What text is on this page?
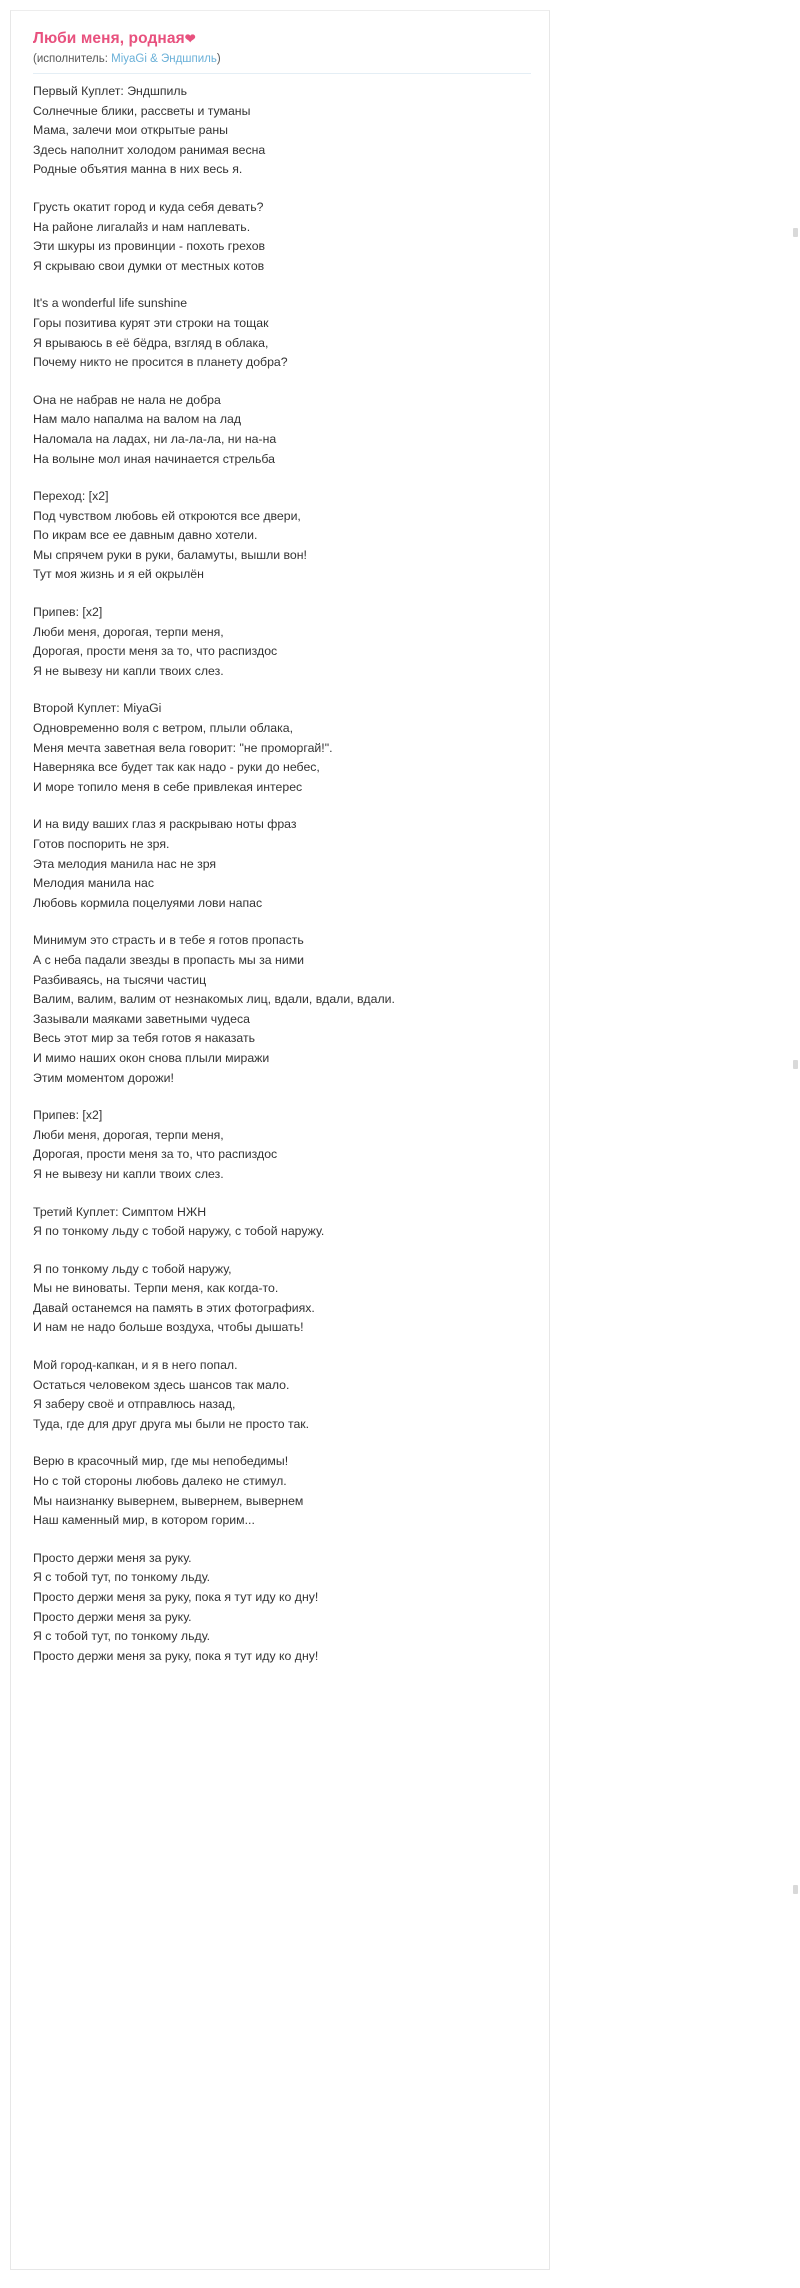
Люби меня, родная❤
(исполнитель: MiyaGi & Эндшпиль)
Первый Куплет: Эндшпиль
Солнечные блики, рассветы и туманы
Мама, залечи мои открытые раны
Здесь наполнит холодом ранимая весна
Родные объятия манна в них весь я.
Грусть окатит город и куда себя девать?
На районе лигалайз и нам наплевать.
Эти шкуры из провинции - похоть грехов
Я скрываю свои думки от местных котов
It's a wonderful life sunshine
Горы позитива курят эти строки на тощак
Я врываюсь в её бёдра, взгляд в облака,
Почему никто не просится в планету добра?
Она не набрав не нала не добра
Нам мало напалма на валом на лад
Наломала на ладах, ни ла-ла-ла, ни на-на
На волыне мол иная начинается стрельба
Переход: [x2]
Под чувством любовь ей откроются все двери,
По икрам все ее давным давно хотели.
Мы спрячем руки в руки, баламуты, вышли вон!
Тут моя жизнь и я ей окрылён
Припев: [x2]
Люби меня, дорогая, терпи меня,
Дорогая, прости меня за то, что распиздос
Я не вывезу ни капли твоих слез.
Второй Куплет: MiyaGi
Одновременно воля с ветром, плыли облака,
Меня мечта заветная вела говорит: "не проморгай!".
Наверняка все будет так как надо - руки до небес,
И море топило меня в себе привлекая интерес
И на виду ваших глаз я раскрываю ноты фраз
Готов поспорить не зря.
Эта мелодия манила нас не зря
Мелодия манила нас
Любовь кормила поцелуями лови напас
Минимум это страсть и в тебе я готов пропасть
А с неба падали звезды в пропасть мы за ними
Разбиваясь, на тысячи частиц
Валим, валим, валим от незнакомых лиц, вдали, вдали, вдали.
Зазывали маяками заветными чудеса
Весь этот мир за тебя готов я наказать
И мимо наших окон снова плыли миражи
Этим моментом дорожи!
Припев: [x2]
Люби меня, дорогая, терпи меня,
Дорогая, прости меня за то, что распиздос
Я не вывезу ни капли твоих слез.
Третий Куплет: Симптом НЖН
Я по тонкому льду с тобой наружу, с тобой наружу.
Я по тонкому льду с тобой наружу,
Мы не виноваты. Терпи меня, как когда-то.
Давай останемся на память в этих фотографиях.
И нам не надо больше воздуха, чтобы дышать!
Мой город-капкан, и я в него попал.
Остаться человеком здесь шансов так мало.
Я заберу своё и отправлюсь назад,
Туда, где для друг друга мы были не просто так.
Верю в красочный мир, где мы непобедимы!
Но с той стороны любовь далеко не стимул.
Мы наизнанку вывернем, вывернем, вывернем
Наш каменный мир, в котором горим...
Просто держи меня за руку.
Я с тобой тут, по тонкому льду.
Просто держи меня за руку, пока я тут иду ко дну!
Просто держи меня за руку.
Я с тобой тут, по тонкому льду.
Просто держи меня за руку, пока я тут иду ко дну!
